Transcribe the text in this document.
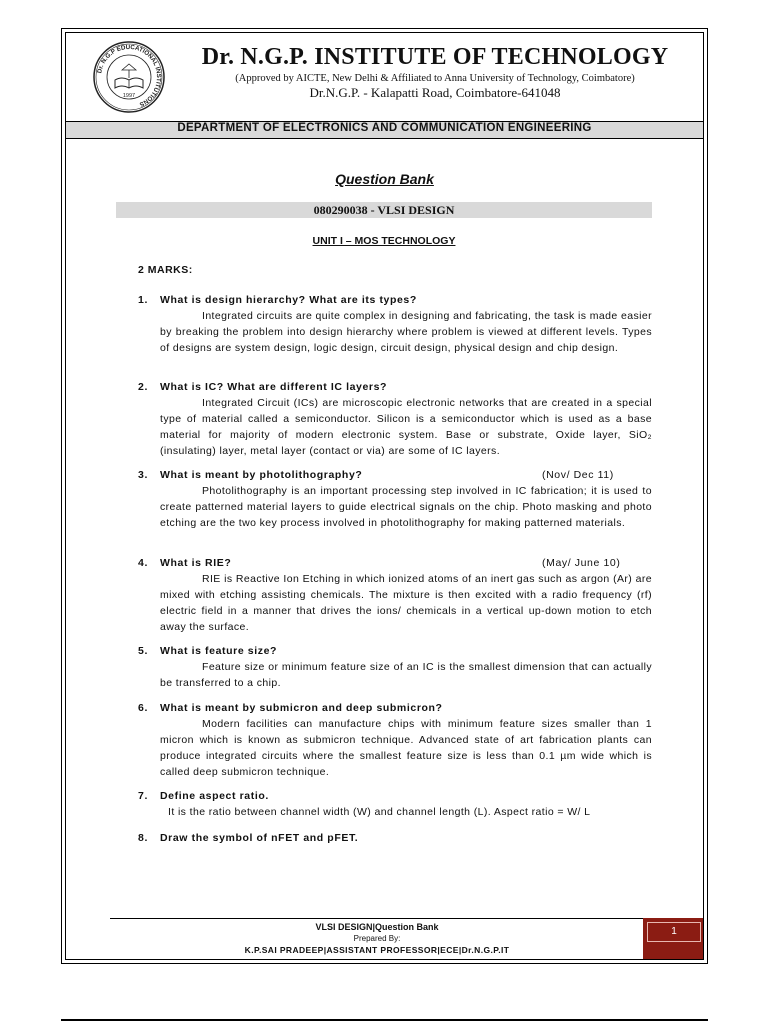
Dr. N.G.P EDUCATIONAL INSTITUTIONS
1997
Dr. N.G.P. INSTITUTE OF TECHNOLOGY
(Approved by AICTE, New Delhi & Affiliated to Anna University of Technology, Coimbatore)
Dr.N.G.P. - Kalapatti Road, Coimbatore-641048
DEPARTMENT OF ELECTRONICS AND COMMUNICATION ENGINEERING
Question Bank
080290038 - VLSI DESIGN
UNIT I – MOS TECHNOLOGY
2 MARKS:
1.	What is design hierarchy? What are its types?
Integrated circuits are quite complex in designing and fabricating, the task is made easier by breaking the problem into design hierarchy where problem is viewed at different levels. Types of designs are system design, logic design, circuit design, physical design and chip design.
2.	What is IC? What are different IC layers?
Integrated Circuit (ICs) are microscopic electronic networks that are created in a special type of material called a semiconductor. Silicon is a semiconductor which is used as a base material for majority of modern electronic system. Base or substrate, Oxide layer, SiO₂ (insulating) layer, metal layer (contact or via) are some of IC layers.
3.	What is meant by photolithography?	(Nov/ Dec 11)
Photolithography is an important processing step involved in IC fabrication; it is used to create patterned material layers to guide electrical signals on the chip. Photo masking and photo etching are the two key process involved in photolithography for making patterned materials.
4.	What is RIE?	(May/ June 10)
RIE is Reactive Ion Etching in which ionized atoms of an inert gas such as argon (Ar) are mixed with etching assisting chemicals. The mixture is then excited with a radio frequency (rf) electric field in a manner that drives the ions/ chemicals in a vertical up-down motion to etch away the surface.
5.	What is feature size?
Feature size or minimum feature size of an IC is the smallest dimension that can actually be transferred to a chip.
6.	What is meant by submicron and deep submicron?
Modern facilities can manufacture chips with minimum feature sizes smaller than 1 micron which is known as submicron technique. Advanced state of art fabrication plants can produce integrated circuits where the smallest feature size is less than 0.1 µm wide which is called deep submicron technique.
7.	Define aspect ratio.
It is the ratio between channel width (W) and channel length (L). Aspect ratio = W/ L
8.	Draw the symbol of nFET and pFET.
VLSI DESIGN|Question Bank
Prepared By:
K.P.SAI PRADEEP|ASSISTANT PROFESSOR|ECE|Dr.N.G.P.IT
1
